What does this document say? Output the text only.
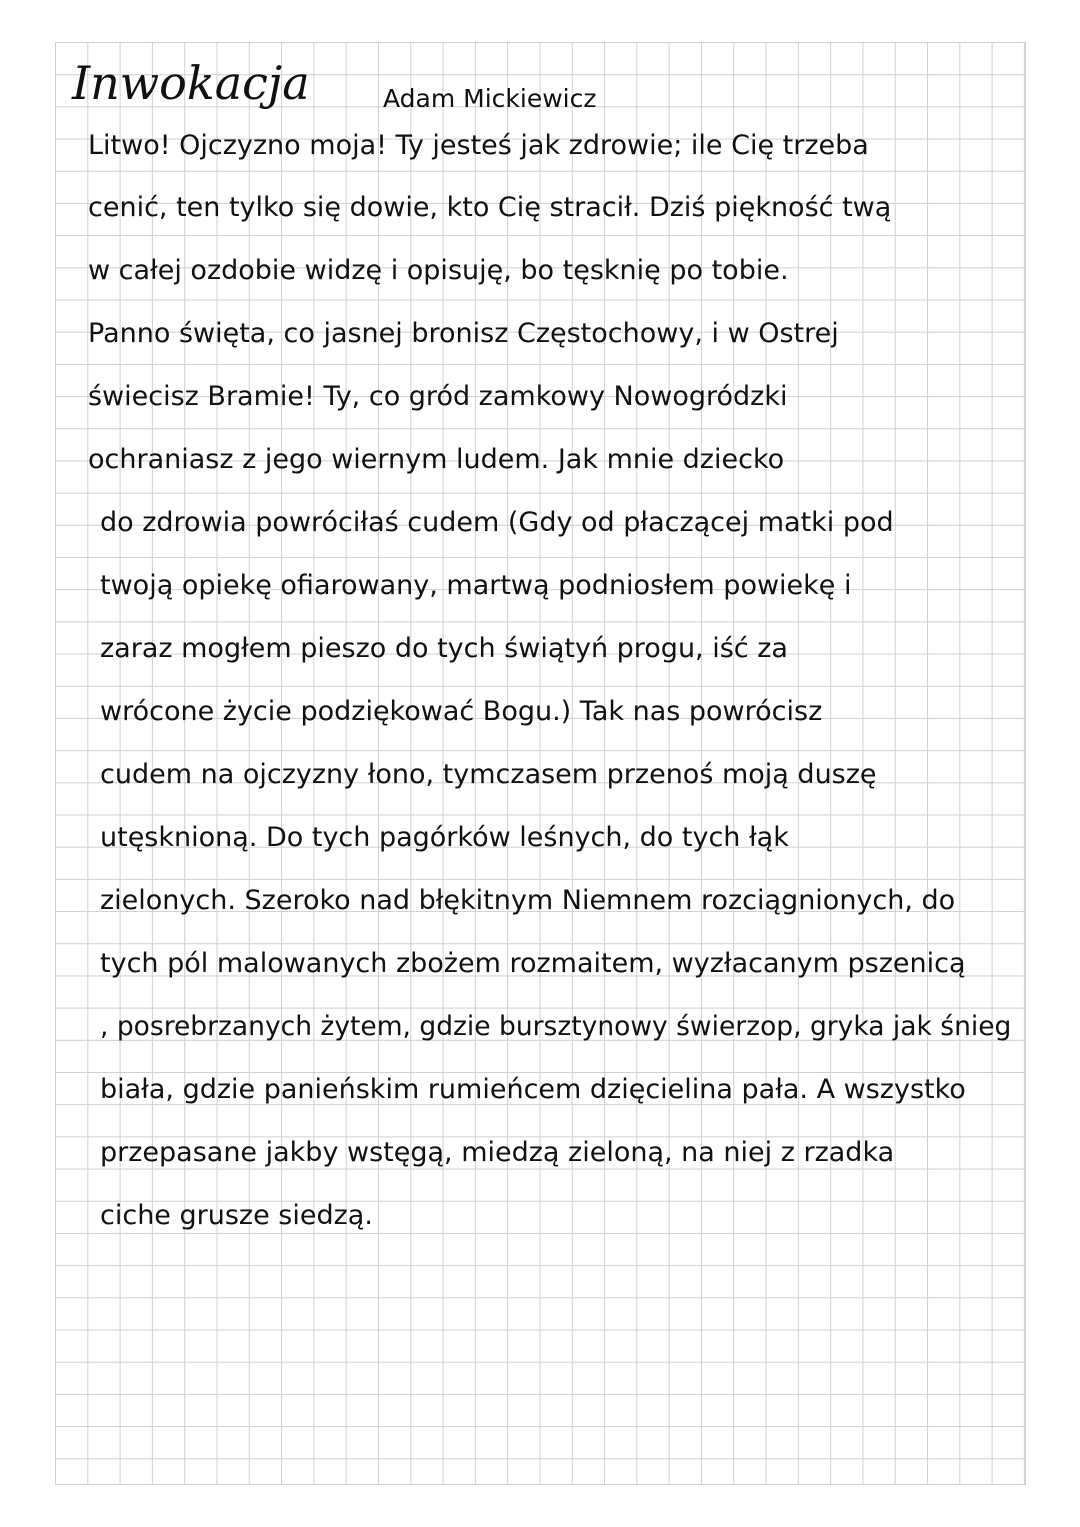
Inwokacja	Adam Mickiewicz
Litwo! Ojczyzno moja! Ty jesteś jak zdrowie; ile Cię trzeba
cenić, ten tylko się dowie, kto Cię stracił. Dziś piękność twą
w całej ozdobie widzę i opisuję, bo tęsknię po tobie.
Panno święta, co jasnej bronisz Częstochowy, i w Ostrej
świecisz Bramie! Ty, co gród zamkowy Nowogródzki
ochraniasz z jego wiernym ludem. Jak mnie dziecko
do zdrowia powróciłaś cudem (Gdy od płaczącej matki pod
twoją opiekę ofiarowany, martwą podniosłem powiekę i
zaraz mogłem pieszo do tych świątyń progu, iść za
wrócone życie podziękować Bogu.) Tak nas powrócisz
cudem na ojczyzny łono, tymczasem przenoś moją duszę
utęsknioną. Do tych pagórków leśnych, do tych łąk
zielonych. Szeroko nad błękitnym Niemnem rozciągnionych, do
tych pól malowanych zbożem rozmaitem, wyzłacanym pszenicą
, posrebrzanych żytem, gdzie bursztynowy świerzop, gryka jak śnieg
biała, gdzie panieńskim rumieńcem dzięcielina pała. A wszystko
przepasane jakby wstęgą, miedzą zieloną, na niej z rzadka
ciche grusze siedzą.
